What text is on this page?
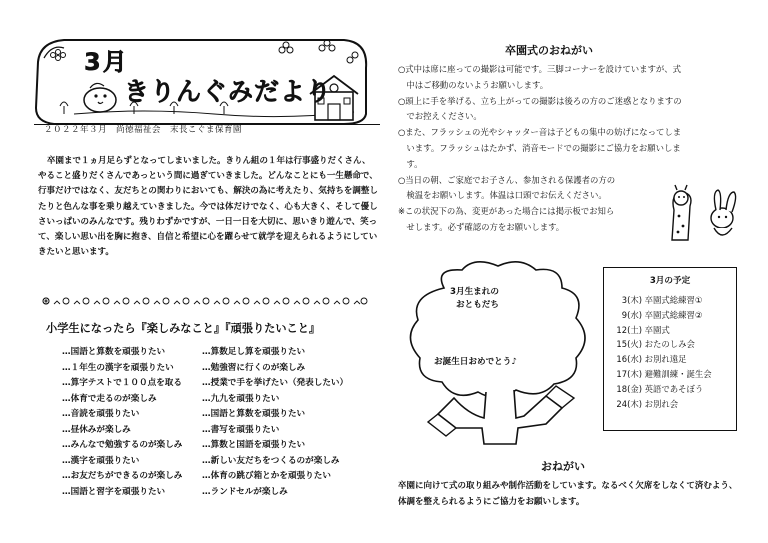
3月
きりんぐみだより
２０２２年３月　尚徳福祉会　末長こぐま保育園
卒園まで１ヵ月足らずとなってしまいました。きりん組の１年は行事盛りだくさん、やること盛りだくさんであっという間に過ぎていきました。どんなことにも一生懸命で、行事だけではなく、友だちとの関わりにおいても、解決の為に考えたり、気持ちを調整したりと色んな事を乗り越えていきました。今では体だけでなく、心も大きく、そして優しさいっぱいのみんなです。残りわずかですが、一日一日を大切に、思いきり遊んで、笑って、楽しい思い出を胸に抱き、自信と希望に心を躍らせて就学を迎えられるようにしていきたいと思います。
小学生になったら『楽しみなこと』『頑張りたいこと』
…国語と算数を頑張りたい
…１年生の漢字を頑張りたい
…算字テストで１００点を取る
…体育で走るのが楽しみ
…音読を頑張りたい
…昼休みが楽しみ
…みんなで勉強するのが楽しみ
…漢字を頑張りたい
…お友だちができるのが楽しみ
…国語と習字を頑張りたい
…算数足し算を頑張りたい
…勉強習に行くのが楽しみ
…授業で手を挙げたい（発表したい）
…九九を頑張りたい
…国語と算数を頑張りたい
…書写を頑張りたい
…算数と国語を頑張りたい
…新しい友だちをつくるのが楽しみ
…体育の跳び箱とかを頑張りたい
…ランドセルが楽しみ
卒園式のおねがい
○式中は席に座っての撮影は可能です。三脚コーナーを設けていますが、式
　中はご移動のないようお願いします。
○頭上に手を挙げる、立ち上がっての撮影は後ろの方のご迷惑となりますの
　でお控えください。
○また、フラッシュの光やシャッター音は子どもの集中の妨げになってしま
　います。フラッシュはたかず、消音モードでの撮影にご協力をお願いしま
　す。
○当日の朝、ご家庭でお子さん、参加される保護者の方の
　検温をお願いします。体温は口頭でお伝えください。
※この状況下の為、変更があった場合には掲示板でお知ら
　せします。必ず確認の方をお願いします。
3月生まれの
おともだち
お誕生日おめでとう♪
3月の予定
3(木) 卒園式総練習①
9(水) 卒園式総練習②
12(土) 卒園式
15(火) おたのしみ会
16(水) お別れ遠足
17(木) 避難訓練・誕生会
18(金) 英語であそぼう
24(木) お別れ会
おねがい
卒園に向けて式の取り組みや制作活動をしています。なるべく欠席をしなくて済むよう、体調を整えられるようにご協力をお願いします。
